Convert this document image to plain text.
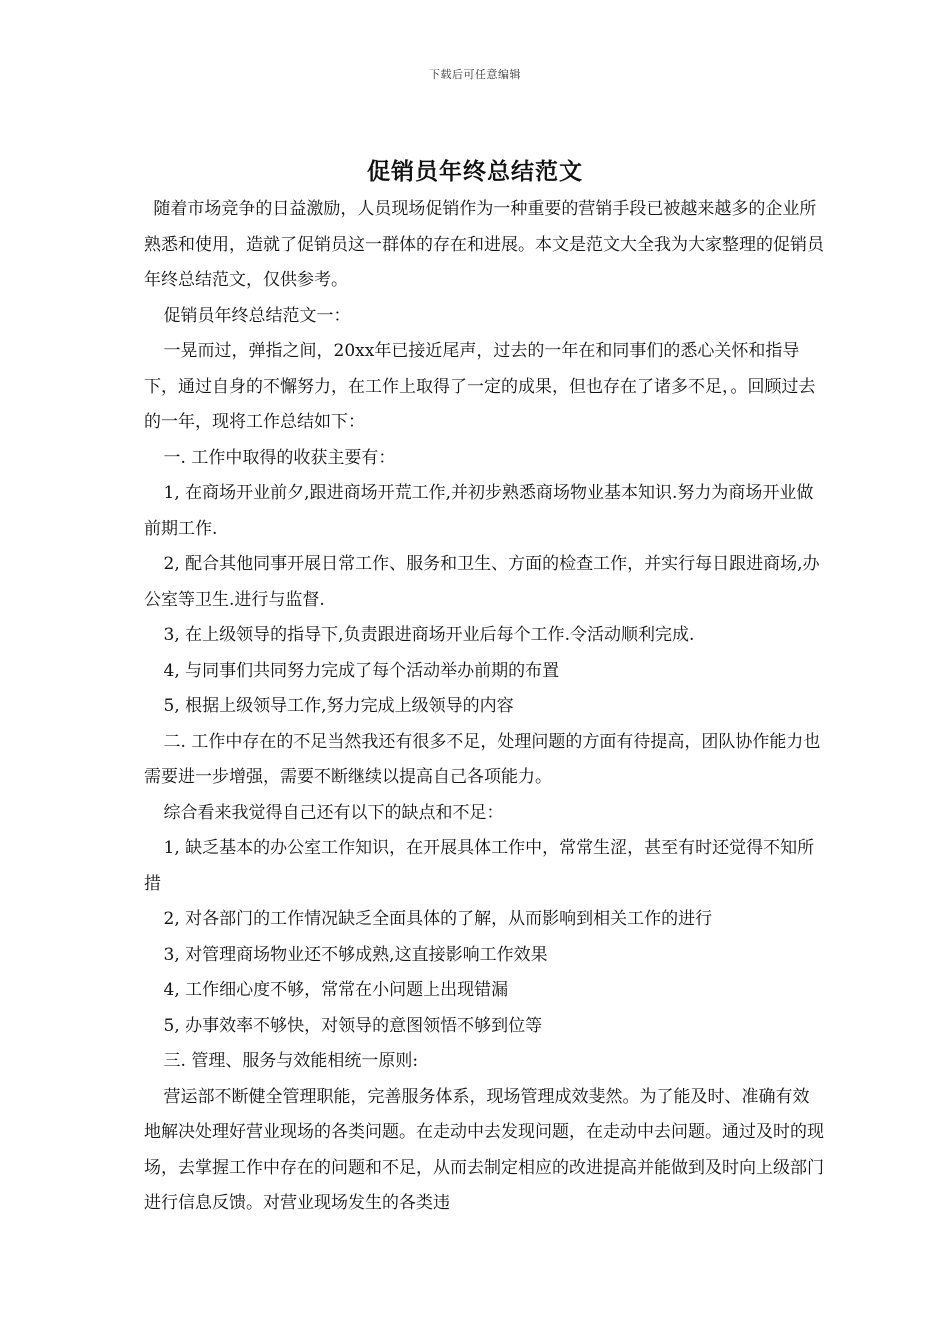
下载后可任意编辑
促销员年终总结范文

随着市场竞争的日益激励，人员现场促销作为一种重要的营销手段已被越来越多的企业所熟悉和使用，造就了促销员这一群体的存在和进展。本文是范文大全我为大家整理的促销员年终总结范文，仅供参考。

促销员年终总结范文一：

一晃而过，弹指之间，20xx年已接近尾声，过去的一年在和同事们的悉心关怀和指导下，通过自身的不懈努力，在工作上取得了一定的成果，但也存在了诸多不足，。回顾过去的一年，现将工作总结如下：

一. 工作中取得的收获主要有：

1, 在商场开业前夕,跟进商场开荒工作,并初步熟悉商场物业基本知识.努力为商场开业做前期工作.

2, 配合其他同事开展日常工作、服务和卫生、方面的检查工作，并实行每日跟进商场,办公室等卫生.进行与监督.

3, 在上级领导的指导下,负责跟进商场开业后每个工作.令活动顺利完成.

4, 与同事们共同努力完成了每个活动举办前期的布置

5, 根据上级领导工作,努力完成上级领导的内容

二. 工作中存在的不足当然我还有很多不足，处理问题的方面有待提高，团队协作能力也需要进一步增强，需要不断继续以提高自己各项能力。

综合看来我觉得自己还有以下的缺点和不足：

1, 缺乏基本的办公室工作知识，在开展具体工作中，常常生涩，甚至有时还觉得不知所措

2, 对各部门的工作情况缺乏全面具体的了解，从而影响到相关工作的进行

3, 对管理商场物业还不够成熟,这直接影响工作效果

4, 工作细心度不够，常常在小问题上出现错漏

5, 办事效率不够快，对领导的意图领悟不够到位等

三. 管理、服务与效能相统一原则:

营运部不断健全管理职能，完善服务体系，现场管理成效斐然。为了能及时、准确有效地解决处理好营业现场的各类问题。在走动中去发现问题，在走动中去问题。通过及时的现场，去掌握工作中存在的问题和不足，从而去制定相应的改进提高并能做到及时向上级部门进行信息反馈。对营业现场发生的各类违
